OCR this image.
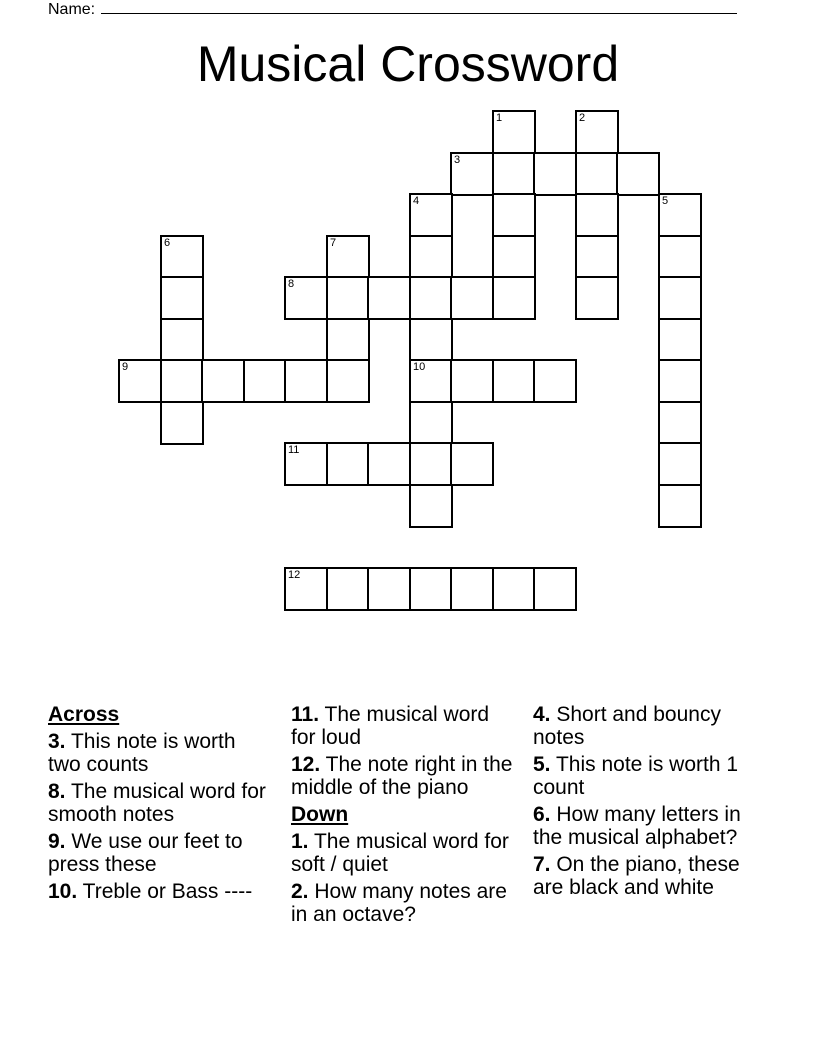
Name:
Musical Crossword
1	2
3
4	5
6	7
8
9	10
11
12
Across
3. This note is worth two counts
8. The musical word for smooth notes
9. We use our feet to press these
10. Treble or Bass ----
11. The musical word for loud
12. The note right in the middle of the piano
Down
1. The musical word for soft / quiet
2. How many notes are in an octave?
4. Short and bouncy notes
5. This note is worth 1 count
6. How many letters in the musical alphabet?
7. On the piano, these are black and white
